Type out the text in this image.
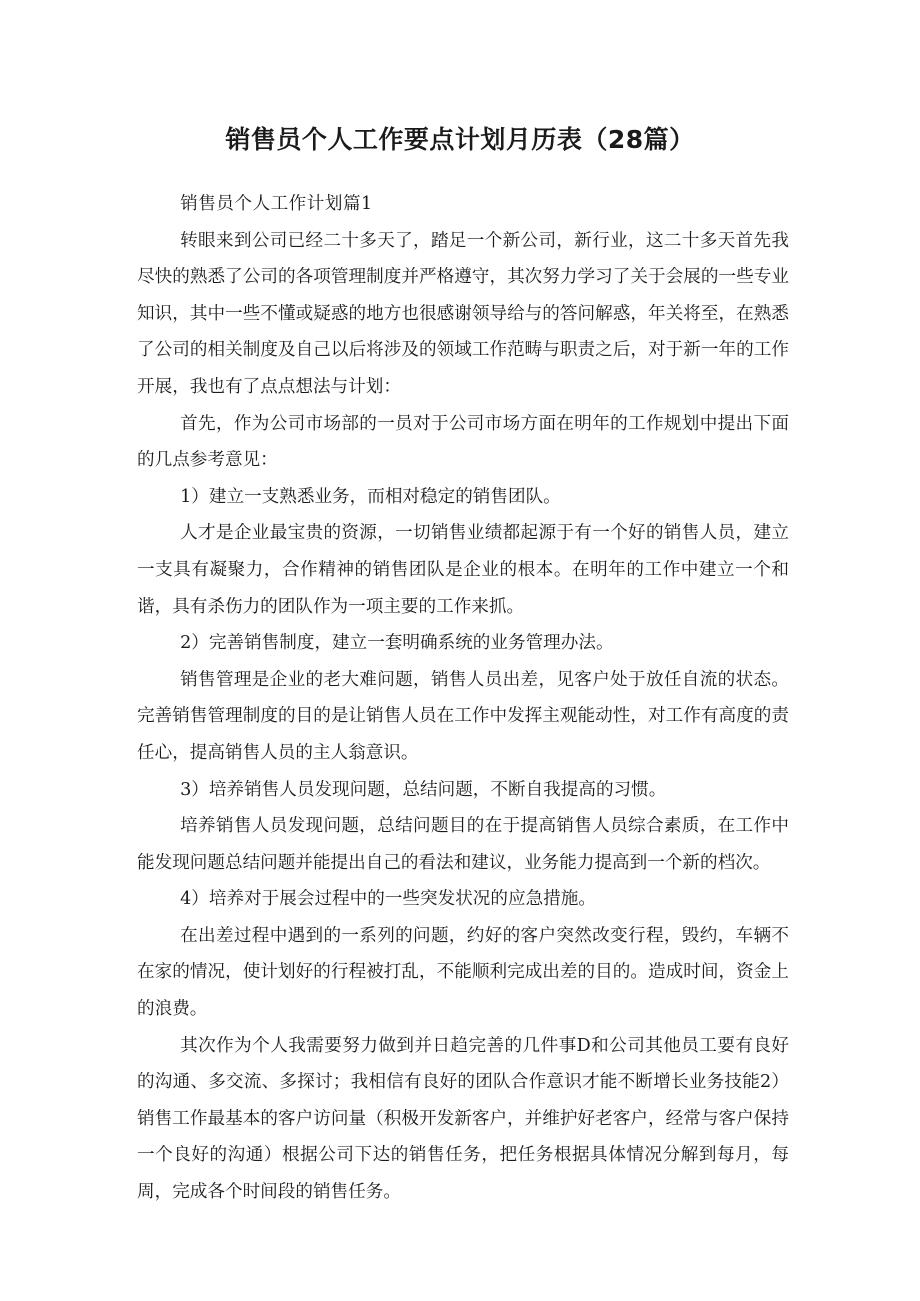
销售员个人工作要点计划月历表（28篇）

销售员个人工作计划篇1

转眼来到公司已经二十多天了，踏足一个新公司，新行业，这二十多天首先我尽快的熟悉了公司的各项管理制度并严格遵守，其次努力学习了关于会展的一些专业知识，其中一些不懂或疑惑的地方也很感谢领导给与的答问解惑，年关将至，在熟悉了公司的相关制度及自己以后将涉及的领域工作范畴与职责之后，对于新一年的工作开展，我也有了点点想法与计划：

首先，作为公司市场部的一员对于公司市场方面在明年的工作规划中提出下面的几点参考意见：

1）建立一支熟悉业务，而相对稳定的销售团队。

人才是企业最宝贵的资源，一切销售业绩都起源于有一个好的销售人员，建立一支具有凝聚力，合作精神的销售团队是企业的根本。在明年的工作中建立一个和谐，具有杀伤力的团队作为一项主要的工作来抓。

2）完善销售制度，建立一套明确系统的业务管理办法。

销售管理是企业的老大难问题，销售人员出差，见客户处于放任自流的状态。完善销售管理制度的目的是让销售人员在工作中发挥主观能动性，对工作有高度的责任心，提高销售人员的主人翁意识。

3）培养销售人员发现问题，总结问题，不断自我提高的习惯。

培养销售人员发现问题，总结问题目的在于提高销售人员综合素质，在工作中能发现问题总结问题并能提出自己的看法和建议，业务能力提高到一个新的档次。

4）培养对于展会过程中的一些突发状况的应急措施。

在出差过程中遇到的一系列的问题，约好的客户突然改变行程，毁约，车辆不在家的情况，使计划好的行程被打乱，不能顺利完成出差的目的。造成时间，资金上的浪费。

其次作为个人我需要努力做到并日趋完善的几件事D和公司其他员工要有良好的沟通、多交流、多探讨；我相信有良好的团队合作意识才能不断增长业务技能2）销售工作最基本的客户访问量（积极开发新客户，并维护好老客户，经常与客户保持一个良好的沟通）根据公司下达的销售任务，把任务根据具体情况分解到每月，每周，完成各个时间段的销售任务。
